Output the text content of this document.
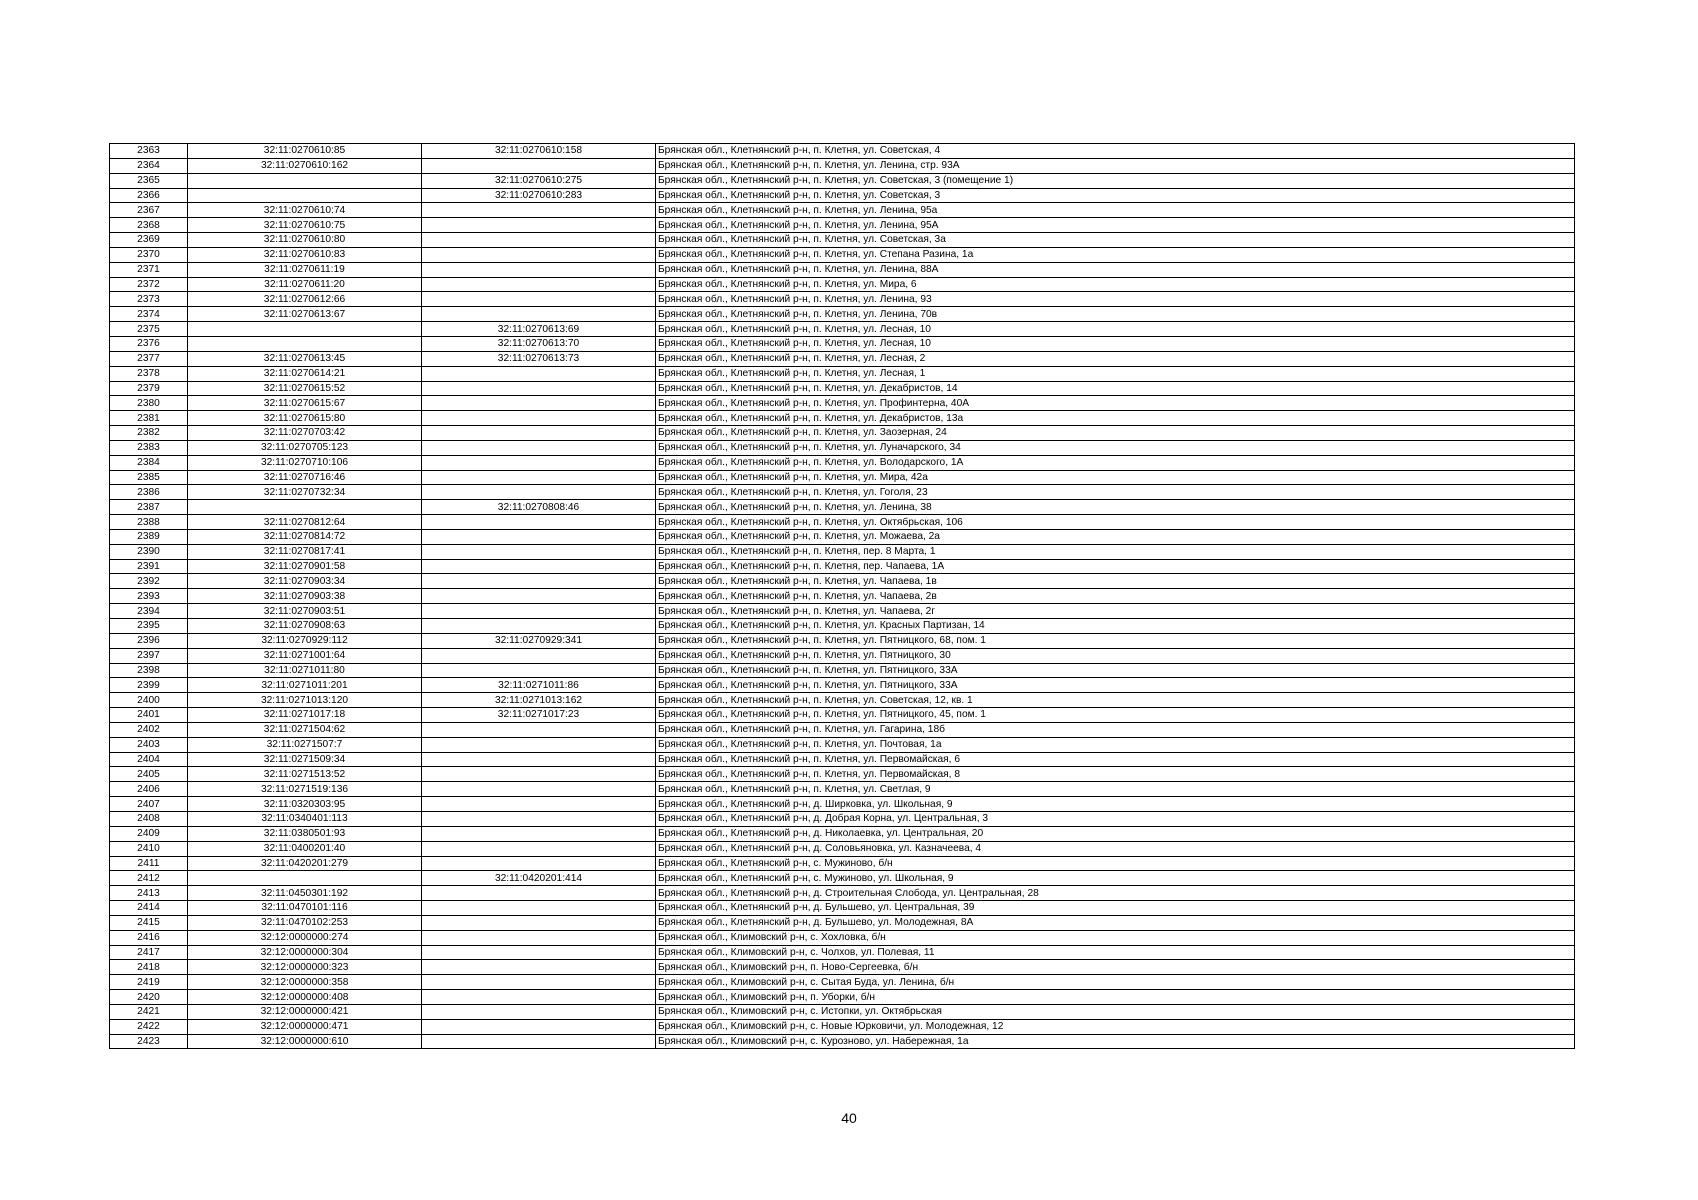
2363	32:11:0270610:85	32:11:0270610:158	Брянская обл., Клетнянский р-н, п. Клетня, ул. Советская, 4
2364	32:11:0270610:162		Брянская обл., Клетнянский р-н, п. Клетня, ул. Ленина, стр. 93А
2365		32:11:0270610:275	Брянская обл., Клетнянский р-н, п. Клетня, ул. Советская, 3 (помещение 1)
2366		32:11:0270610:283	Брянская обл., Клетнянский р-н, п. Клетня, ул. Советская, 3
2367	32:11:0270610:74		Брянская обл., Клетнянский р-н, п. Клетня, ул. Ленина, 95а
2368	32:11:0270610:75		Брянская обл., Клетнянский р-н, п. Клетня, ул. Ленина, 95А
2369	32:11:0270610:80		Брянская обл., Клетнянский р-н, п. Клетня, ул. Советская, 3а
2370	32:11:0270610:83		Брянская обл., Клетнянский р-н, п. Клетня, ул. Степана Разина, 1а
2371	32:11:0270611:19		Брянская обл., Клетнянский р-н, п. Клетня, ул. Ленина, 88А
2372	32:11:0270611:20		Брянская обл., Клетнянский р-н, п. Клетня, ул. Мира, 6
2373	32:11:0270612:66		Брянская обл., Клетнянский р-н, п. Клетня, ул. Ленина, 93
2374	32:11:0270613:67		Брянская обл., Клетнянский р-н, п. Клетня, ул. Ленина, 70в
2375		32:11:0270613:69	Брянская обл., Клетнянский р-н, п. Клетня, ул. Лесная, 10
2376		32:11:0270613:70	Брянская обл., Клетнянский р-н, п. Клетня, ул. Лесная, 10
2377	32:11:0270613:45	32:11:0270613:73	Брянская обл., Клетнянский р-н, п. Клетня, ул. Лесная, 2
2378	32:11:0270614:21		Брянская обл., Клетнянский р-н, п. Клетня, ул. Лесная, 1
2379	32:11:0270615:52		Брянская обл., Клетнянский р-н, п. Клетня, ул. Декабристов, 14
2380	32:11:0270615:67		Брянская обл., Клетнянский р-н, п. Клетня, ул. Профинтерна, 40А
2381	32:11:0270615:80		Брянская обл., Клетнянский р-н, п. Клетня, ул. Декабристов, 13а
2382	32:11:0270703:42		Брянская обл., Клетнянский р-н, п. Клетня, ул. Заозерная, 24
2383	32:11:0270705:123		Брянская обл., Клетнянский р-н, п. Клетня, ул. Луначарского, 34
2384	32:11:0270710:106		Брянская обл., Клетнянский р-н, п. Клетня, ул. Володарского, 1А
2385	32:11:0270716:46		Брянская обл., Клетнянский р-н, п. Клетня, ул. Мира, 42а
2386	32:11:0270732:34		Брянская обл., Клетнянский р-н, п. Клетня, ул. Гоголя, 23
2387		32:11:0270808:46	Брянская обл., Клетнянский р-н, п. Клетня, ул. Ленина, 38
2388	32:11:0270812:64		Брянская обл., Клетнянский р-н, п. Клетня, ул. Октябрьская, 106
2389	32:11:0270814:72		Брянская обл., Клетнянский р-н, п. Клетня, ул. Можаева, 2а
2390	32:11:0270817:41		Брянская обл., Клетнянский р-н, п. Клетня, пер. 8 Марта, 1
2391	32:11:0270901:58		Брянская обл., Клетнянский р-н, п. Клетня, пер. Чапаева, 1А
2392	32:11:0270903:34		Брянская обл., Клетнянский р-н, п. Клетня, ул. Чапаева, 1в
2393	32:11:0270903:38		Брянская обл., Клетнянский р-н, п. Клетня, ул. Чапаева, 2в
2394	32:11:0270903:51		Брянская обл., Клетнянский р-н, п. Клетня, ул. Чапаева, 2г
2395	32:11:0270908:63		Брянская обл., Клетнянский р-н, п. Клетня, ул. Красных Партизан, 14
2396	32:11:0270929:112	32:11:0270929:341	Брянская обл., Клетнянский р-н, п. Клетня, ул. Пятницкого, 68, пом. 1
2397	32:11:0271001:64		Брянская обл., Клетнянский р-н, п. Клетня, ул. Пятницкого, 30
2398	32:11:0271011:80		Брянская обл., Клетнянский р-н, п. Клетня, ул. Пятницкого, 33А
2399	32:11:0271011:201	32:11:0271011:86	Брянская обл., Клетнянский р-н, п. Клетня, ул. Пятницкого, 33А
2400	32:11:0271013:120	32:11:0271013:162	Брянская обл., Клетнянский р-н, п. Клетня, ул. Советская, 12, кв. 1
2401	32:11:0271017:18	32:11:0271017:23	Брянская обл., Клетнянский р-н, п. Клетня, ул. Пятницкого, 45, пом. 1
2402	32:11:0271504:62		Брянская обл., Клетнянский р-н, п. Клетня, ул. Гагарина, 18б
2403	32:11:0271507:7		Брянская обл., Клетнянский р-н, п. Клетня, ул. Почтовая, 1а
2404	32:11:0271509:34		Брянская обл., Клетнянский р-н, п. Клетня, ул. Первомайская, 6
2405	32:11:0271513:52		Брянская обл., Клетнянский р-н, п. Клетня, ул. Первомайская, 8
2406	32:11:0271519:136		Брянская обл., Клетнянский р-н, п. Клетня, ул. Светлая, 9
2407	32:11:0320303:95		Брянская обл., Клетнянский р-н, д. Ширковка, ул. Школьная, 9
2408	32:11:0340401:113		Брянская обл., Клетнянский р-н, д. Добрая Корна, ул. Центральная, 3
2409	32:11:0380501:93		Брянская обл., Клетнянский р-н, д. Николаевка, ул. Центральная, 20
2410	32:11:0400201:40		Брянская обл., Клетнянский р-н, д. Соловьяновка, ул. Казначеева, 4
2411	32:11:0420201:279		Брянская обл., Клетнянский р-н, с. Мужиново, б/н
2412		32:11:0420201:414	Брянская обл., Клетнянский р-н, с. Мужиново, ул. Школьная, 9
2413	32:11:0450301:192		Брянская обл., Клетнянский р-н, д. Строительная Слобода, ул. Центральная, 28
2414	32:11:0470101:116		Брянская обл., Клетнянский р-н, д. Бульшево, ул. Центральная, 39
2415	32:11:0470102:253		Брянская обл., Клетнянский р-н, д. Бульшево, ул. Молодежная, 8А
2416	32:12:0000000:274		Брянская обл., Климовский р-н, с. Хохловка, б/н
2417	32:12:0000000:304		Брянская обл., Климовский р-н, с. Чолхов, ул. Полевая, 11
2418	32:12:0000000:323		Брянская обл., Климовский р-н, п. Ново-Сергеевка, б/н
2419	32:12:0000000:358		Брянская обл., Климовский р-н, с. Сытая Буда, ул. Ленина, б/н
2420	32:12:0000000:408		Брянская обл., Климовский р-н, п. Уборки, б/н
2421	32:12:0000000:421		Брянская обл., Климовский р-н, с. Истопки, ул. Октябрьская
2422	32:12:0000000:471		Брянская обл., Климовский р-н, с. Новые Юрковичи, ул. Молодежная, 12
2423	32:12:0000000:610		Брянская обл., Климовский р-н, с. Курозново, ул. Набережная, 1а
40
